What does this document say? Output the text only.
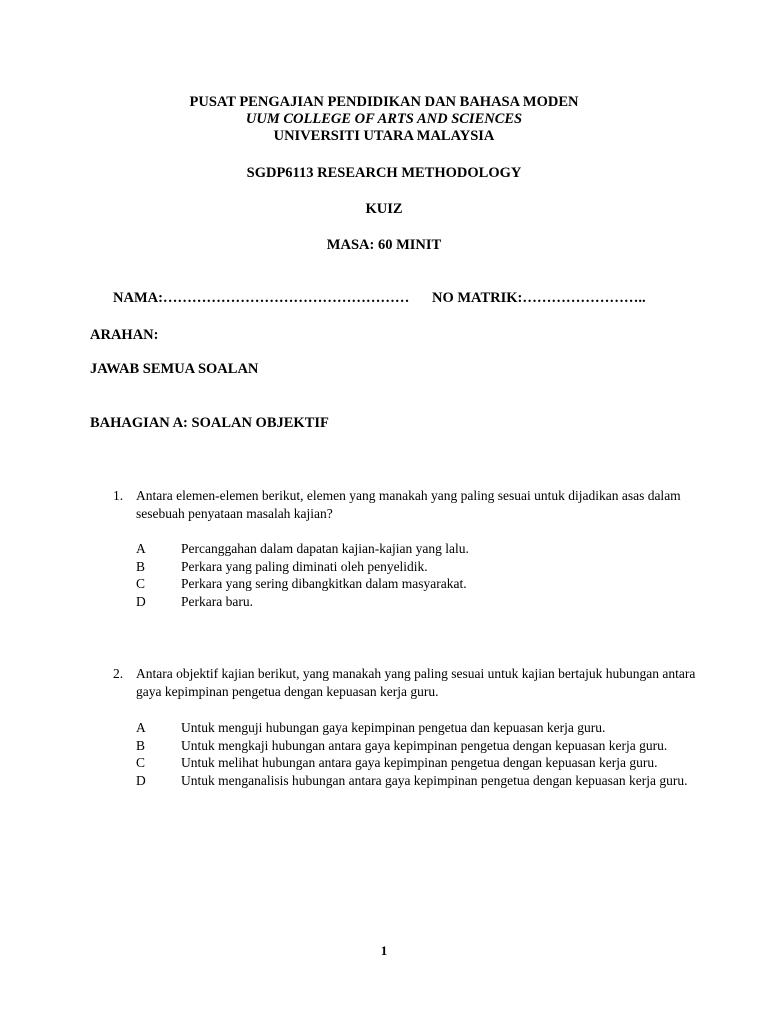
PUSAT PENGAJIAN PENDIDIKAN DAN BAHASA MODEN
UUM COLLEGE OF ARTS AND SCIENCES
UNIVERSITI UTARA MALAYSIA
SGDP6113 RESEARCH METHODOLOGY
KUIZ
MASA: 60 MINIT
NAMA:…………………………………………… NO MATRIK:……………………..
ARAHAN:
JAWAB SEMUA SOALAN
BAHAGIAN A: SOALAN OBJEKTIF
1. Antara elemen-elemen berikut, elemen yang manakah yang paling sesuai untuk dijadikan asas dalam sesebuah penyataan masalah kajian?
A	Percanggahan dalam dapatan kajian-kajian yang lalu.
B	Perkara yang paling diminati oleh penyelidik.
C	Perkara yang sering dibangkitkan dalam masyarakat.
D	Perkara baru.
2. Antara objektif kajian berikut, yang manakah yang paling sesuai untuk kajian bertajuk hubungan antara gaya kepimpinan pengetua dengan kepuasan kerja guru.
A	Untuk menguji hubungan gaya kepimpinan pengetua dan kepuasan kerja guru.
B	Untuk mengkaji hubungan antara gaya kepimpinan pengetua dengan kepuasan kerja guru.
C	Untuk melihat hubungan antara gaya kepimpinan pengetua dengan kepuasan kerja guru.
D	Untuk menganalisis hubungan antara gaya kepimpinan pengetua dengan kepuasan kerja guru.
1
